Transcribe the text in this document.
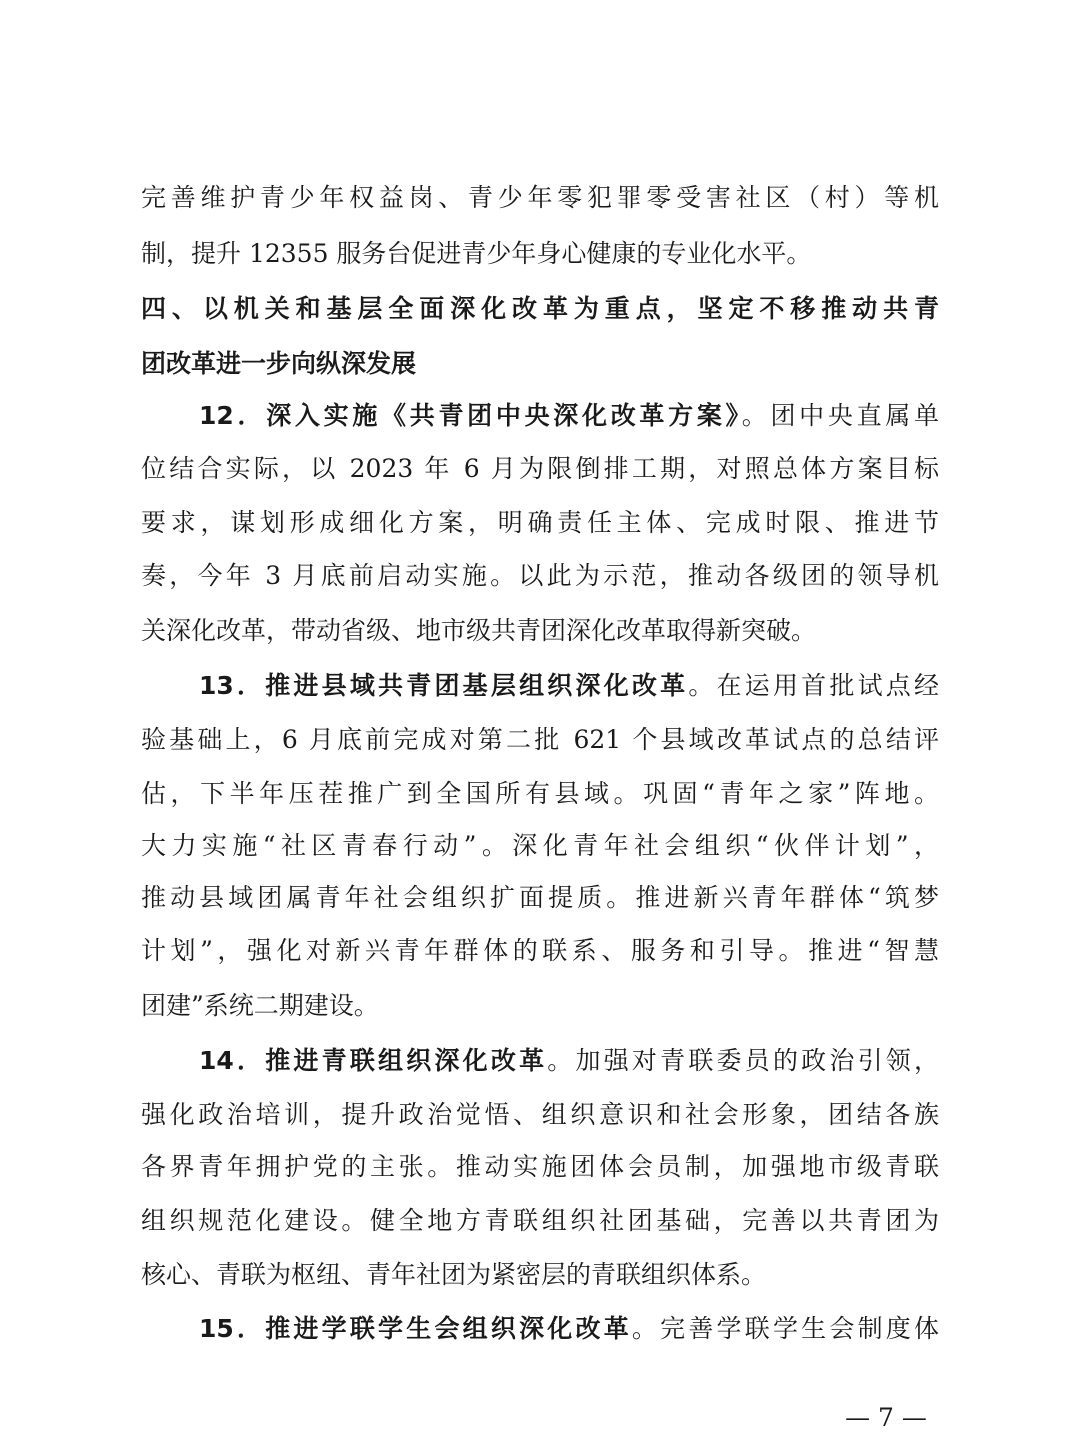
完善维护青少年权益岗、青少年零犯罪零受害社区（村）等机
制，提升 12355 服务台促进青少年身心健康的专业化水平。
四、以机关和基层全面深化改革为重点，坚定不移推动共青
团改革进一步向纵深发展
12．深入实施《共青团中央深化改革方案》。团中央直属单
位结合实际，以 2023 年 6 月为限倒排工期，对照总体方案目标
要求，谋划形成细化方案，明确责任主体、完成时限、推进节
奏，今年 3 月底前启动实施。以此为示范，推动各级团的领导机
关深化改革，带动省级、地市级共青团深化改革取得新突破。
13．推进县域共青团基层组织深化改革。在运用首批试点经
验基础上，6 月底前完成对第二批 621 个县域改革试点的总结评
估，下半年压茬推广到全国所有县域。巩固“青年之家”阵地。
大力实施“社区青春行动”。深化青年社会组织“伙伴计划”，
推动县域团属青年社会组织扩面提质。推进新兴青年群体“筑梦
计划”，强化对新兴青年群体的联系、服务和引导。推进“智慧
团建”系统二期建设。
14．推进青联组织深化改革。加强对青联委员的政治引领，
强化政治培训，提升政治觉悟、组织意识和社会形象，团结各族
各界青年拥护党的主张。推动实施团体会员制，加强地市级青联
组织规范化建设。健全地方青联组织社团基础，完善以共青团为
核心、青联为枢纽、青年社团为紧密层的青联组织体系。
15．推进学联学生会组织深化改革。完善学联学生会制度体
— 7 —
